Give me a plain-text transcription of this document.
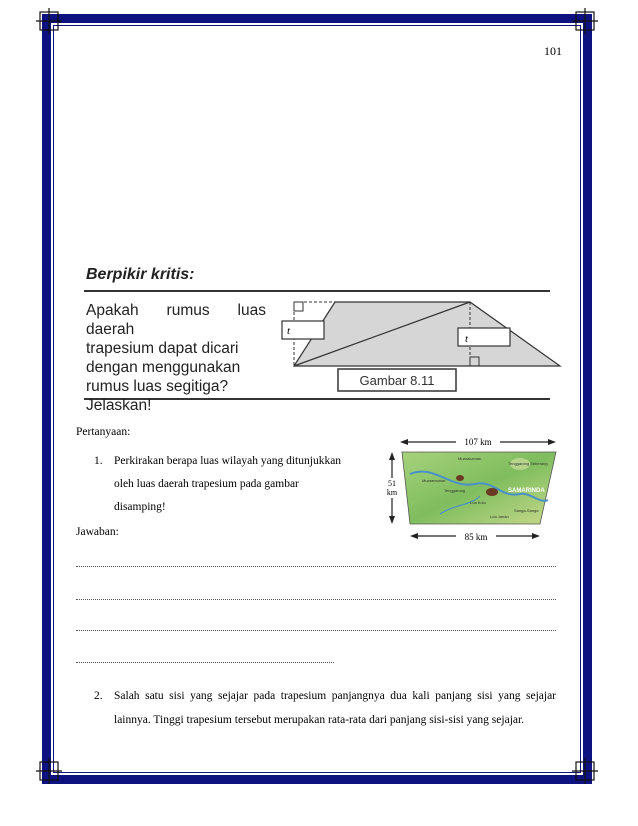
101
Berpikir kritis:
Apakah rumus luas daerah
trapesium dapat dicari
dengan menggunakan
rumus luas segitiga?
Jelaskan!
t
t
Gambar 8.11
Pertanyaan:
1. Perkirakan berapa luas wilayah yang ditunjukkan
oleh luas daerah trapesium pada gambar
disamping!
107 km
Muarakaman
Tenggarong Seberang
Muaramuntai
Tenggarong	SAMARINDA
Loa Kulu
Sanga-Sanga
Loa Janan
51
km
85 km
Jawaban:
2. Salah satu sisi yang sejajar pada trapesium panjangnya dua kali panjang sisi yang sejajar lainnya. Tinggi trapesium tersebut merupakan rata-rata dari panjang sisi-sisi yang sejajar.
